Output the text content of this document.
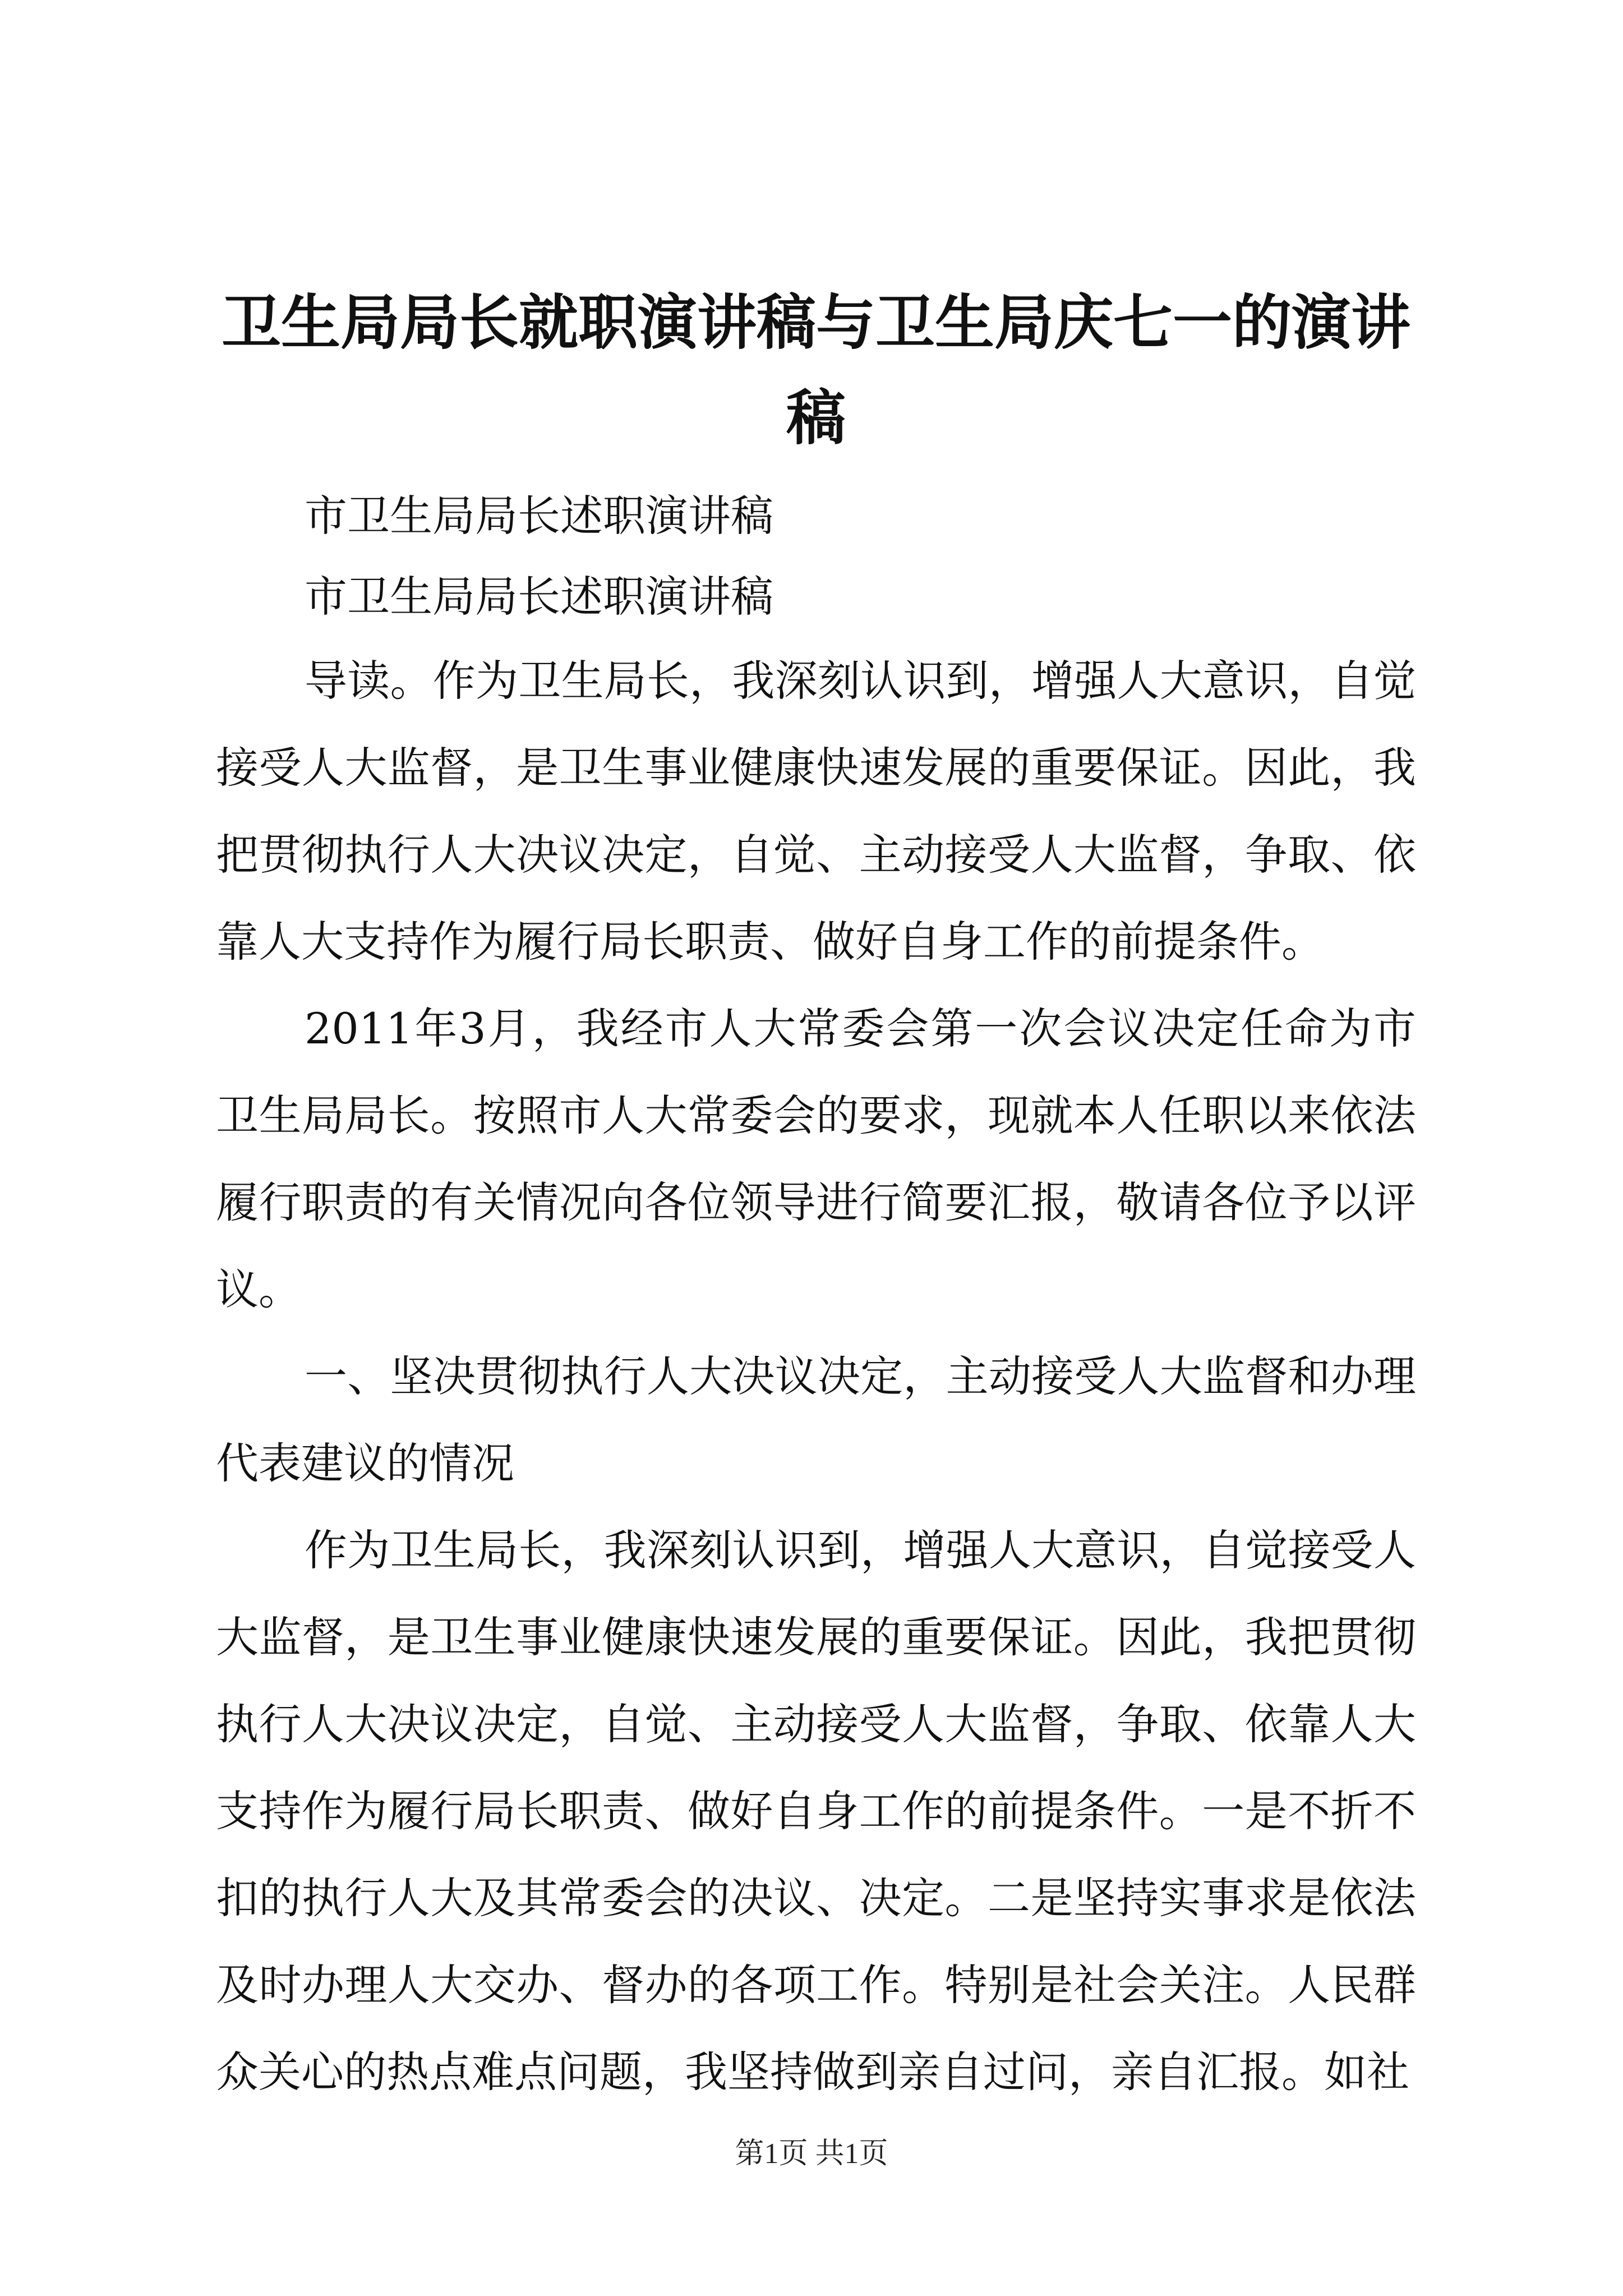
卫生局局长就职演讲稿与卫生局庆七一的演讲稿

市卫生局局长述职演讲稿

市卫生局局长述职演讲稿

导读。作为卫生局长，我深刻认识到，增强人大意识，自觉接受人大监督，是卫生事业健康快速发展的重要保证。因此，我把贯彻执行人大决议决定，自觉、主动接受人大监督，争取、依靠人大支持作为履行局长职责、做好自身工作的前提条件。

2011年3月，我经市人大常委会第一次会议决定任命为市卫生局局长。按照市人大常委会的要求，现就本人任职以来依法履行职责的有关情况向各位领导进行简要汇报，敬请各位予以评议。

一、坚决贯彻执行人大决议决定，主动接受人大监督和办理代表建议的情况

作为卫生局长，我深刻认识到，增强人大意识，自觉接受人大监督，是卫生事业健康快速发展的重要保证。因此，我把贯彻执行人大决议决定，自觉、主动接受人大监督，争取、依靠人大支持作为履行局长职责、做好自身工作的前提条件。一是不折不扣的执行人大及其常委会的决议、决定。二是坚持实事求是依法及时办理人大交办、督办的各项工作。特别是社会关注。人民群众关心的热点难点问题，我坚持做到亲自过问，亲自汇报。如社

第1页 共1页
